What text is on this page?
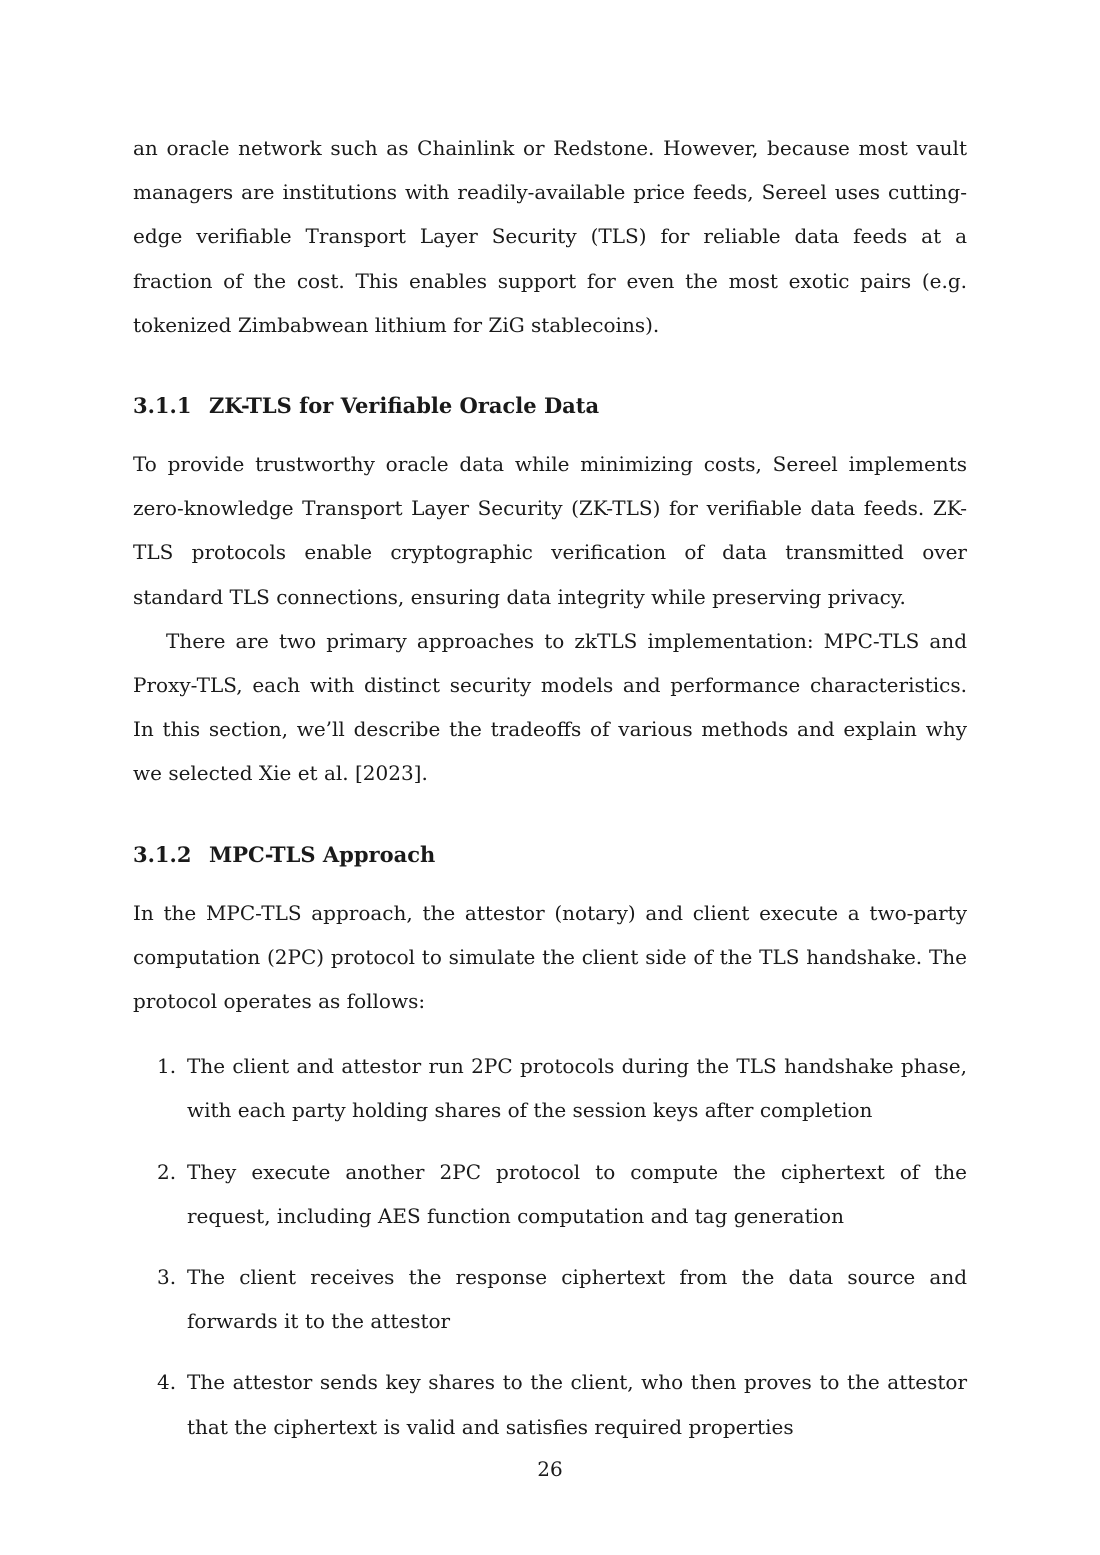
an oracle network such as Chainlink or Redstone. However, because most vault managers are institutions with readily-available price feeds, Sereel uses cutting-edge verifiable Transport Layer Security (TLS) for reliable data feeds at a fraction of the cost. This enables support for even the most exotic pairs (e.g. tokenized Zimbabwean lithium for ZiG stablecoins).

3.1.1 ZK-TLS for Verifiable Oracle Data

To provide trustworthy oracle data while minimizing costs, Sereel implements zero-knowledge Transport Layer Security (ZK-TLS) for verifiable data feeds. ZK-TLS protocols enable cryptographic verification of data transmitted over standard TLS connections, ensuring data integrity while preserving privacy.

There are two primary approaches to zkTLS implementation: MPC-TLS and Proxy-TLS, each with distinct security models and performance characteristics. In this section, we’ll describe the tradeoffs of various methods and explain why we selected Xie et al. [2023].

3.1.2 MPC-TLS Approach

In the MPC-TLS approach, the attestor (notary) and client execute a two-party computation (2PC) protocol to simulate the client side of the TLS handshake. The protocol operates as follows:

1. The client and attestor run 2PC protocols during the TLS handshake phase, with each party holding shares of the session keys after completion
2. They execute another 2PC protocol to compute the ciphertext of the request, including AES function computation and tag generation
3. The client receives the response ciphertext from the data source and forwards it to the attestor
4. The attestor sends key shares to the client, who then proves to the attestor that the ciphertext is valid and satisfies required properties
26
